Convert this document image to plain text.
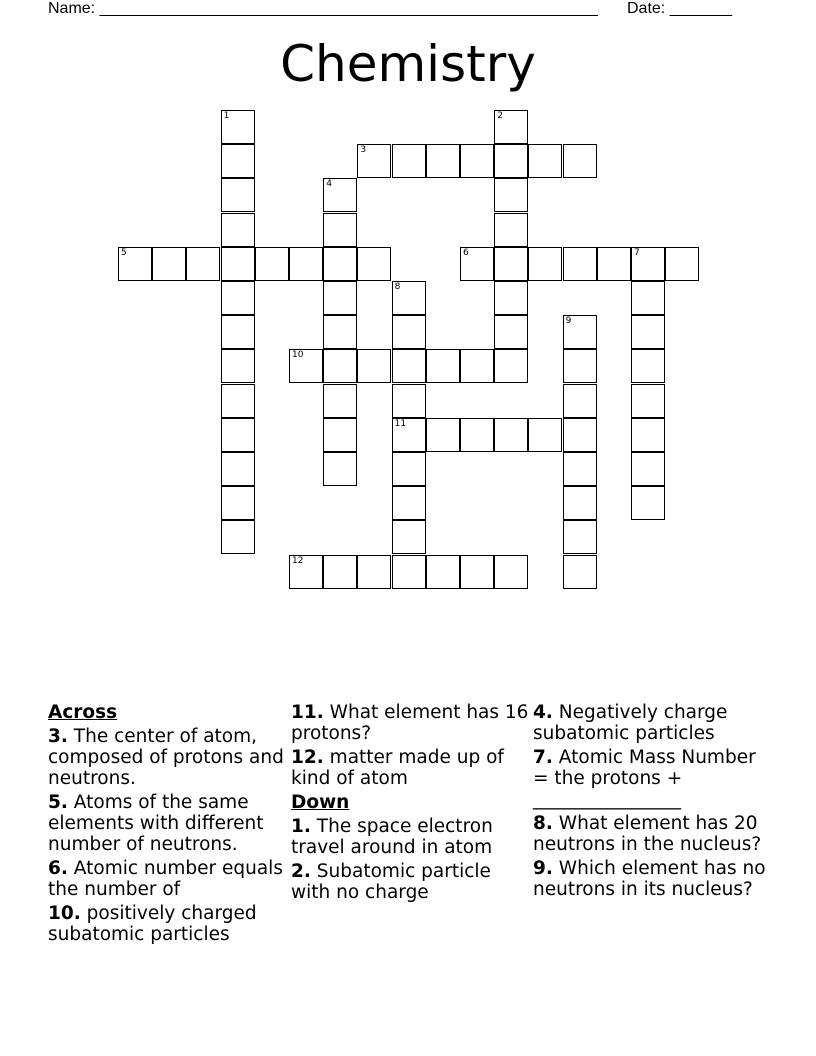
Name: ________________________________________________________ Date: _______
Chemistry
1	2
3
4
5	6	7
8
11
9
10
12
Across
3. The center of atom, composed of protons and neutrons.
5. Atoms of the same elements with different number of neutrons.
6. Atomic number equals the number of
10. positively charged subatomic particles
11. What element has 16 protons?
12. matter made up of kind of atom
Down
1. The space electron travel around in atom
2. Subatomic particle with no charge
4. Negatively charge subatomic particles
7. Atomic Mass Number = the protons + ________________
8. What element has 20 neutrons in the nucleus?
9. Which element has no neutrons in its nucleus?
